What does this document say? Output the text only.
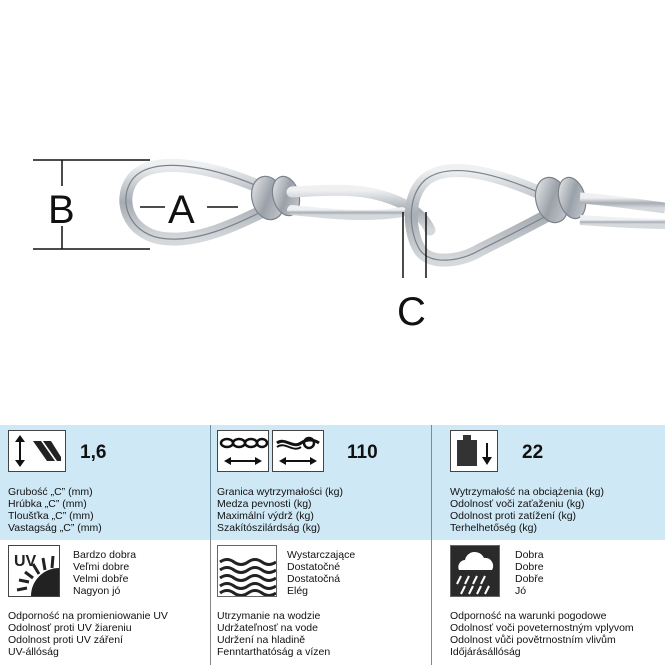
B A
C
1,6
Grubość „C” (mm)
Hrúbka „C” (mm)
Tloušťka „C” (mm)
Vastagság „C” (mm)
110
Granica wytrzymałości (kg)
Medza pevnosti (kg)
Maximální výdrž (kg)
Szakítószilárdság (kg)
22
Wytrzymałość na obciążenia (kg)
Odolnosť voči zaťaženiu (kg)
Odolnost proti zatížení (kg)
Terhelhetőség (kg)
UV	Bardzo dobra
Veľmi dobre
Velmi dobře
Nagyon jó
Odporność na promieniowanie UV
Odolnosť proti UV žiareniu
Odolnost proti UV záření
UV-állóság
Wystarczające
Dostatočné
Dostatočná
Elég
Utrzymanie na wodzie
Udržateľnosť na vode
Udržení na hladině
Fenntarthatóság a vízen
Dobra
Dobre
Dobře
Jó
Odporność na warunki pogodowe
Odolnosť voči poveternostným vplyvom
Odolnost vůči povětrnostním vlivům
Időjárásállóság
